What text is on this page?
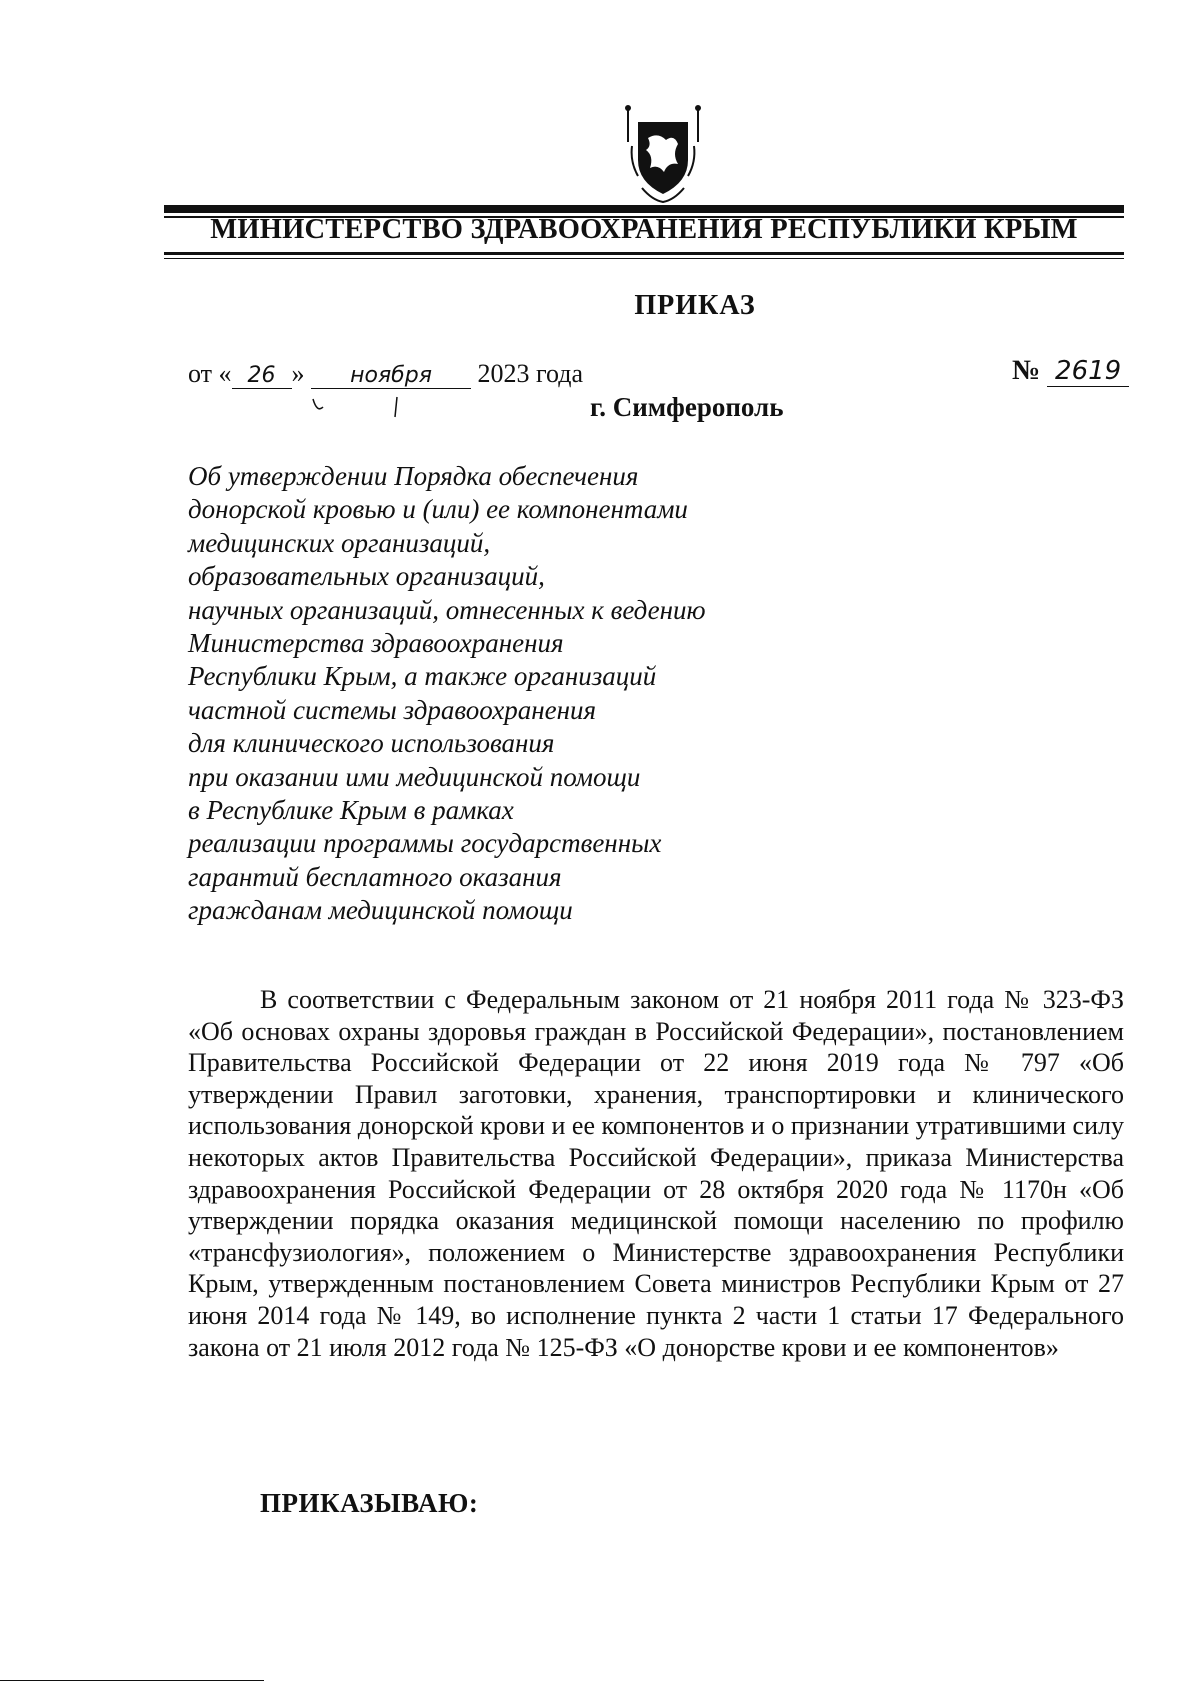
МИНИСТЕРСТВО ЗДРАВООХРАНЕНИЯ РЕСПУБЛИКИ КРЫМ
ПРИКАЗ
от « 26 » ноября 2023 года	№ 2619
г. Симферополь
Об утверждении Порядка обеспечения
донорской кровью и (или) ее компонентами
медицинских организаций,
образовательных организаций,
научных организаций, отнесенных к ведению
Министерства здравоохранения
Республики Крым, а также организаций
частной системы здравоохранения
для клинического использования
при оказании ими медицинской помощи
в Республике Крым в рамках
реализации программы государственных
гарантий бесплатного оказания
гражданам медицинской помощи
В соответствии с Федеральным законом от 21 ноября 2011 года № 323-ФЗ «Об основах охраны здоровья граждан в Российской Федерации», постановлением Правительства Российской Федерации от 22 июня 2019 года № 797 «Об утверждении Правил заготовки, хранения, транспортировки и клинического использования донорской крови и ее компонентов и о признании утратившими силу некоторых актов Правительства Российской Федерации», приказа Министерства здравоохранения Российской Федерации от 28 октября 2020 года № 1170н «Об утверждении порядка оказания медицинской помощи населению по профилю «трансфузиология», положением о Министерстве здравоохранения Республики Крым, утвержденным постановлением Совета министров Республики Крым от 27 июня 2014 года № 149, во исполнение пункта 2 части 1 статьи 17 Федерального закона от 21 июля 2012 года № 125-ФЗ «О донорстве крови и ее компонентов»
ПРИКАЗЫВАЮ:
